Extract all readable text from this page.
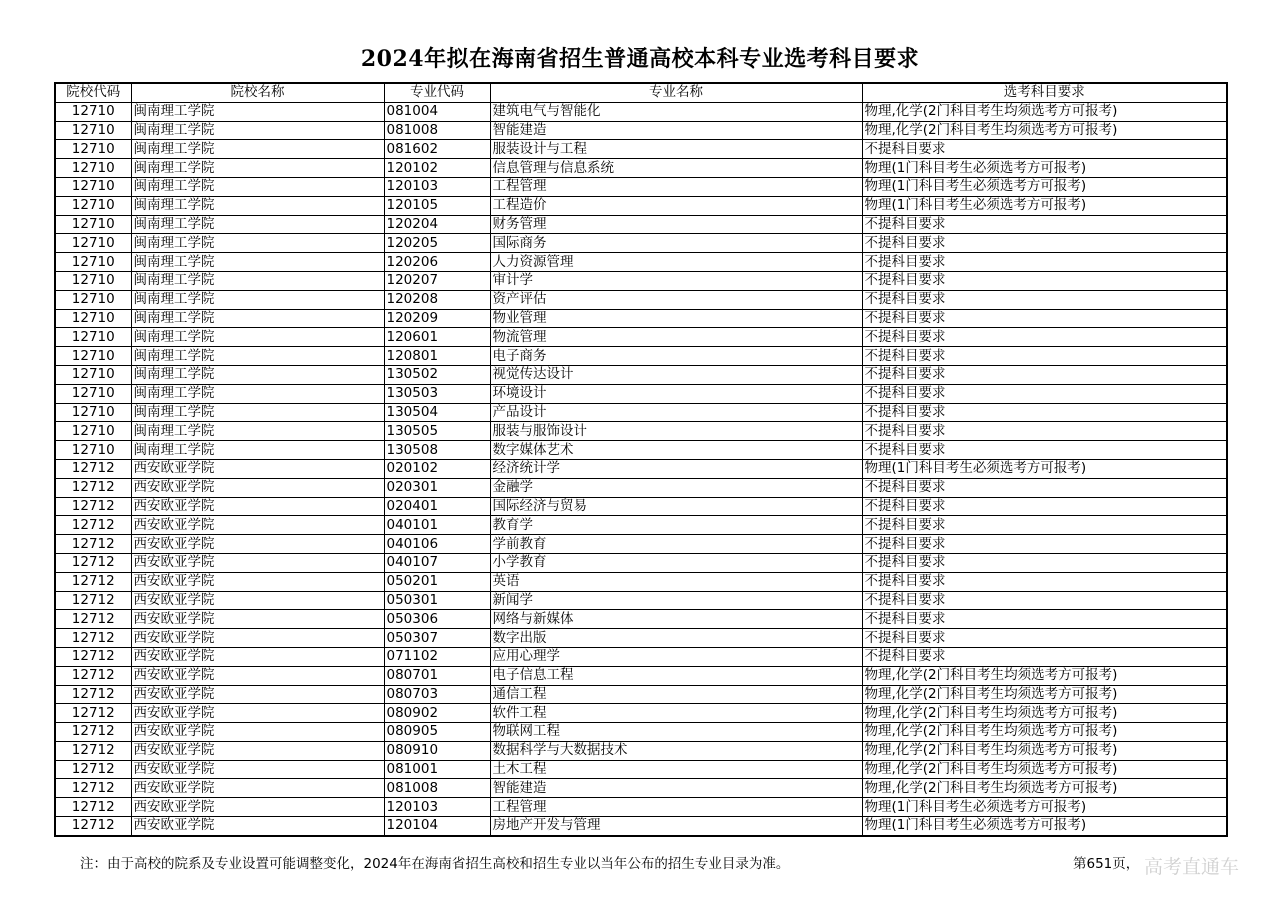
2024年拟在海南省招生普通高校本科专业选考科目要求
院校代码	院校名称	专业代码	专业名称	选考科目要求
12710	闽南理工学院	081004	建筑电气与智能化	物理,化学(2门科目考生均须选考方可报考)
12710	闽南理工学院	081008	智能建造	物理,化学(2门科目考生均须选考方可报考)
12710	闽南理工学院	081602	服装设计与工程	不提科目要求
12710	闽南理工学院	120102	信息管理与信息系统	物理(1门科目考生必须选考方可报考)
12710	闽南理工学院	120103	工程管理	物理(1门科目考生必须选考方可报考)
12710	闽南理工学院	120105	工程造价	物理(1门科目考生必须选考方可报考)
12710	闽南理工学院	120204	财务管理	不提科目要求
12710	闽南理工学院	120205	国际商务	不提科目要求
12710	闽南理工学院	120206	人力资源管理	不提科目要求
12710	闽南理工学院	120207	审计学	不提科目要求
12710	闽南理工学院	120208	资产评估	不提科目要求
12710	闽南理工学院	120209	物业管理	不提科目要求
12710	闽南理工学院	120601	物流管理	不提科目要求
12710	闽南理工学院	120801	电子商务	不提科目要求
12710	闽南理工学院	130502	视觉传达设计	不提科目要求
12710	闽南理工学院	130503	环境设计	不提科目要求
12710	闽南理工学院	130504	产品设计	不提科目要求
12710	闽南理工学院	130505	服装与服饰设计	不提科目要求
12710	闽南理工学院	130508	数字媒体艺术	不提科目要求
12712	西安欧亚学院	020102	经济统计学	物理(1门科目考生必须选考方可报考)
12712	西安欧亚学院	020301	金融学	不提科目要求
12712	西安欧亚学院	020401	国际经济与贸易	不提科目要求
12712	西安欧亚学院	040101	教育学	不提科目要求
12712	西安欧亚学院	040106	学前教育	不提科目要求
12712	西安欧亚学院	040107	小学教育	不提科目要求
12712	西安欧亚学院	050201	英语	不提科目要求
12712	西安欧亚学院	050301	新闻学	不提科目要求
12712	西安欧亚学院	050306	网络与新媒体	不提科目要求
12712	西安欧亚学院	050307	数字出版	不提科目要求
12712	西安欧亚学院	071102	应用心理学	不提科目要求
12712	西安欧亚学院	080701	电子信息工程	物理,化学(2门科目考生均须选考方可报考)
12712	西安欧亚学院	080703	通信工程	物理,化学(2门科目考生均须选考方可报考)
12712	西安欧亚学院	080902	软件工程	物理,化学(2门科目考生均须选考方可报考)
12712	西安欧亚学院	080905	物联网工程	物理,化学(2门科目考生均须选考方可报考)
12712	西安欧亚学院	080910	数据科学与大数据技术	物理,化学(2门科目考生均须选考方可报考)
12712	西安欧亚学院	081001	土木工程	物理,化学(2门科目考生均须选考方可报考)
12712	西安欧亚学院	081008	智能建造	物理,化学(2门科目考生均须选考方可报考)
12712	西安欧亚学院	120103	工程管理	物理(1门科目考生必须选考方可报考)
12712	西安欧亚学院	120104	房地产开发与管理	物理(1门科目考生必须选考方可报考)
注：由于高校的院系及专业设置可能调整变化，2024年在海南省招生高校和招生专业以当年公布的招生专业目录为准。	第651页， 高考直通车
